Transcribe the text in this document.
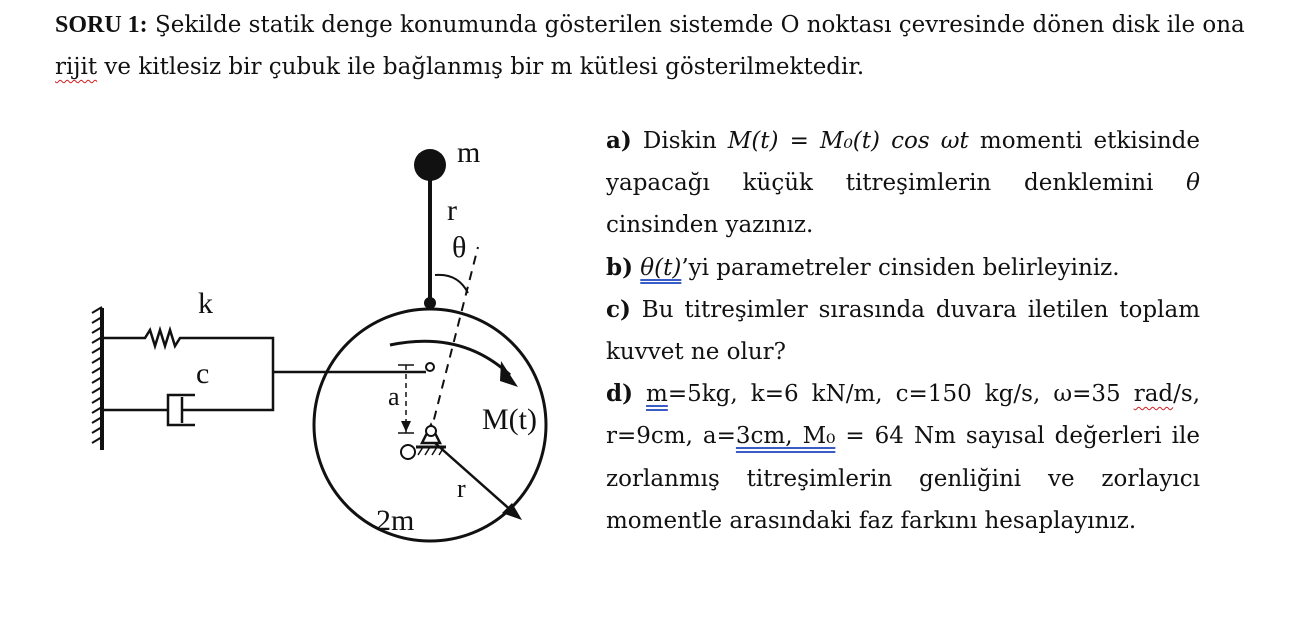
SORU 1: Şekilde statik denge konumunda gösterilen sistemde O noktası çevresinde dönen disk ile ona rijit ve kitlesiz bir çubuk ile bağlanmış bir m kütlesi gösterilmektedir.
m
r
θ
k
c
a
M(t)
r
2m
a) Diskin M(t) = M₀(t) cos ωt momenti etkisinde yapacağı küçük titreşimlerin denklemini θ cinsinden yazınız.
b) θ(t)’yi parametreler cinsiden belirleyiniz.
c) Bu titreşimler sırasında duvara iletilen toplam kuvvet ne olur?
d) m=5kg, k=6 kN/m, c=150 kg/s, ω=35 rad/s, r=9cm, a=3cm, M₀ = 64 Nm sayısal değerleri ile zorlanmış titreşimlerin genliğini ve zorlayıcı momentle arasındaki faz farkını hesaplayınız.
